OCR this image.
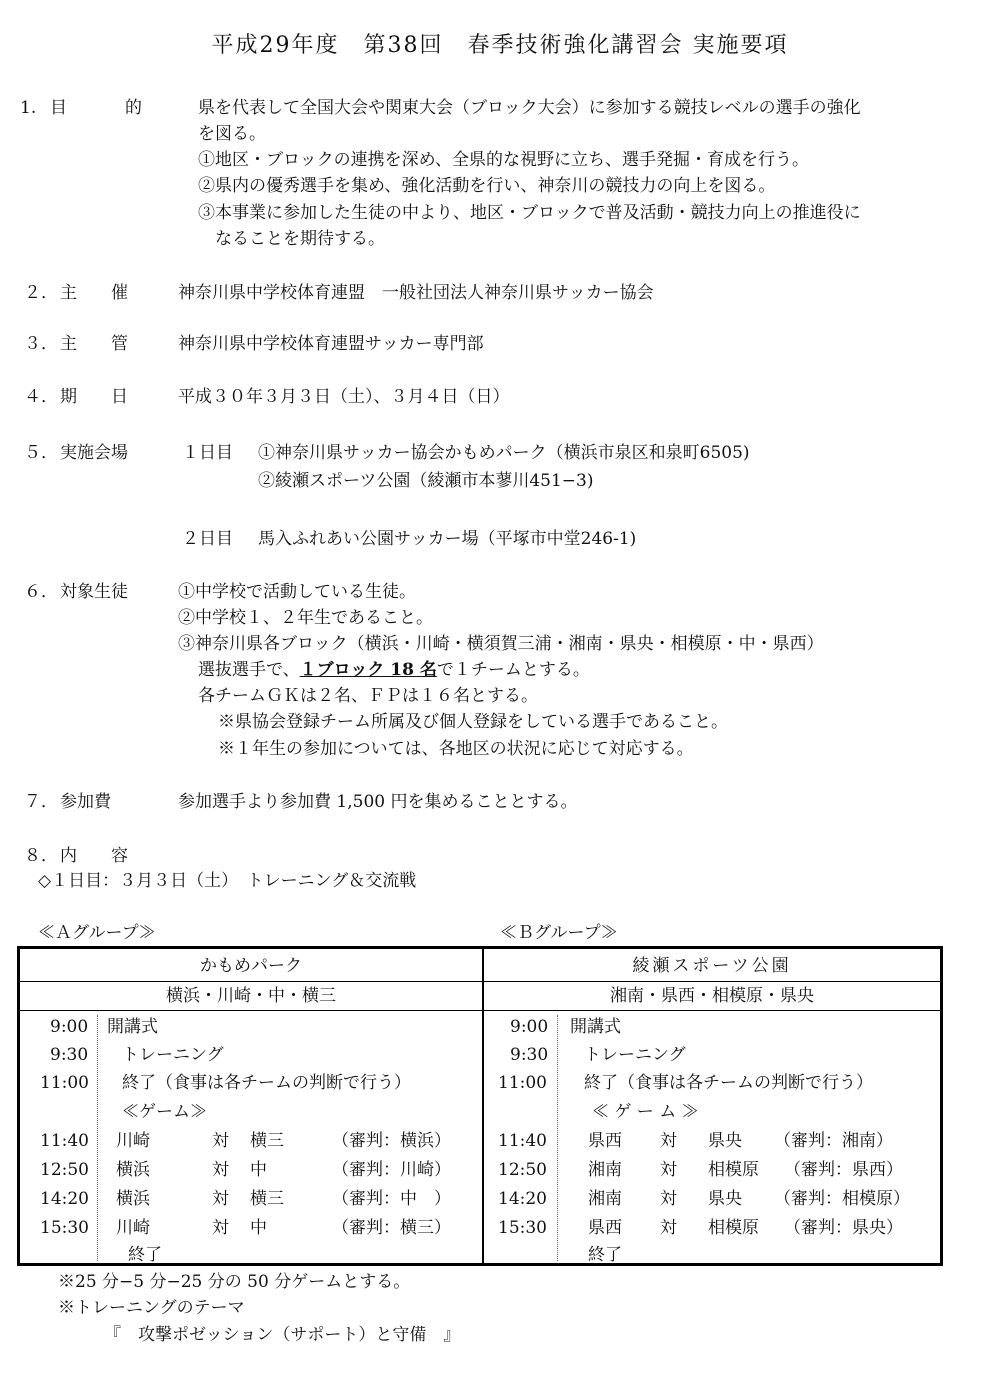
平成29年度　第38回　春季技術強化講習会 実施要項
1. 目　　的	県を代表して全国大会や関東大会（ブロック大会）に参加する競技レベルの選手の強化
を図る。
①地区・ブロックの連携を深め、全県的な視野に立ち、選手発掘・育成を行う。
②県内の優秀選手を集め、強化活動を行い、神奈川の競技力の向上を図る。
③本事業に参加した生徒の中より、地区・ブロックで普及活動・競技力向上の推進役に
　なることを期待する。
２． 主　　催	神奈川県中学校体育連盟　一般社団法人神奈川県サッカー協会
３． 主　　管	神奈川県中学校体育連盟サッカー専門部
４． 期　　日	平成３０年３月３日（土）、３月４日（日）
５． 実施会場	１日目 ①神奈川県サッカー協会かもめパーク（横浜市泉区和泉町6505)
②綾瀬スポーツ公園（綾瀬市本蓼川451−3)
２日目 馬入ふれあい公園サッカー場（平塚市中堂246-1)
６． 対象生徒	①中学校で活動している生徒。
②中学校１、２年生であること。
③神奈川県各ブロック（横浜・川崎・横須賀三浦・湘南・県央・相模原・中・県西）
選抜選手で、１ブロック 18 名で１チームとする。
各チームＧＫは２名、ＦＰは１６名とする。
※県協会登録チーム所属及び個人登録をしている選手であること。
※１年生の参加については、各地区の状況に応じて対応する。
７． 参加費	参加選手より参加費 1,500 円を集めることとする。
８． 内　　容
◇１日目：３月３日（土）　トレーニング＆交流戦
≪Ａグループ≫	≪Ｂグループ≫
かもめパーク
横浜・川崎・中・横三
綾瀬スポーツ公園
湘南・県西・相模原・県央
9:00 開講式
9:30 トレーニング
11:00 終了（食事は各チームの判断で行う）
≪ゲーム≫
11:40 川崎	対 横三	（審判：横浜）
12:50 横浜	対 中	（審判：川崎）
14:20 横浜	対 横三	（審判：中　）
15:30 川崎	対 中	（審判：横三）
終了
9:00 開講式
9:30 トレーニング
11:00 終了（食事は各チームの判断で行う）
≪ ゲ ー ム ≫
11:40 県西 対 県央 （審判：湘南）
12:50 湘南 対 相模原 （審判：県西）
14:20 湘南 対 県央 （審判：相模原）
15:30 県西 対 相模原 （審判：県央）
終了
※25 分−5 分−25 分の 50 分ゲームとする。
※トレーニングのテーマ
『　攻撃ポゼッション（サポート）と守備　』
